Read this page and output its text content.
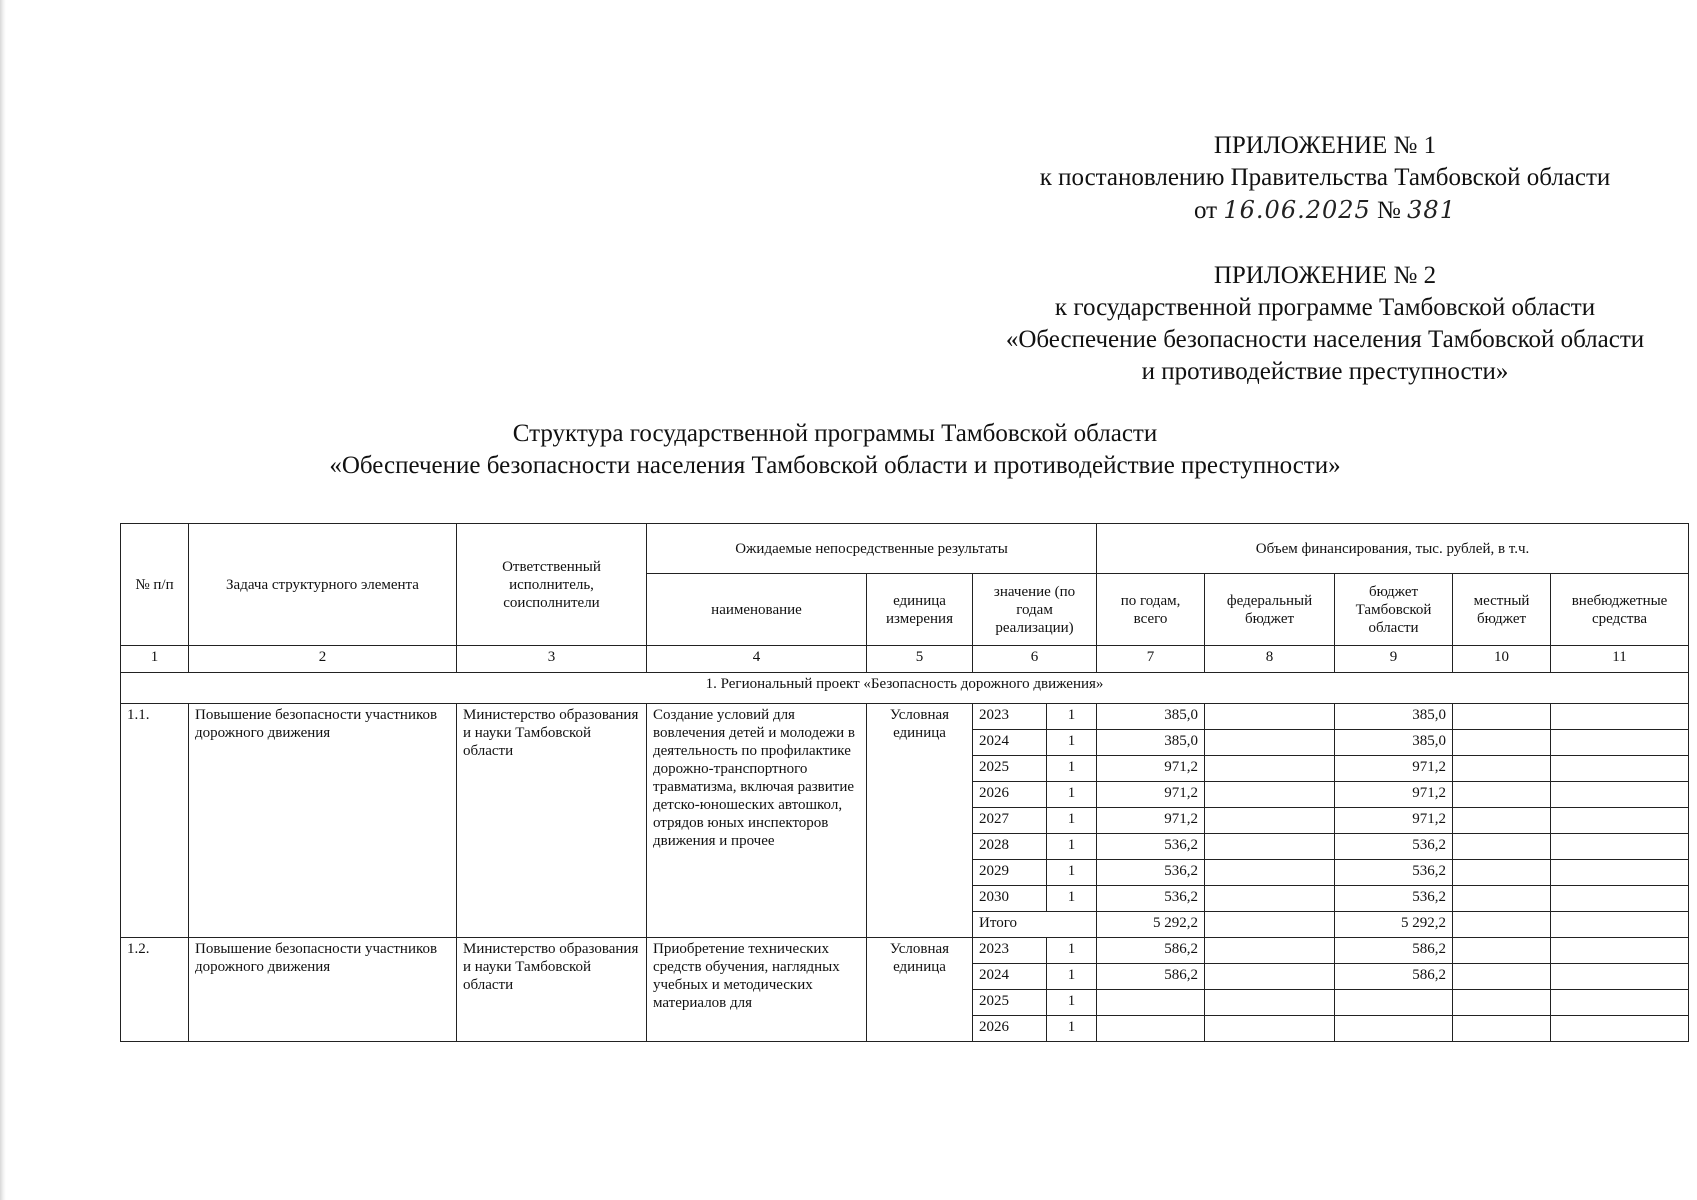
ПРИЛОЖЕНИЕ № 1
к постановлению Правительства Тамбовской области
от 16.06.2025 № 381
ПРИЛОЖЕНИЕ № 2
к государственной программе Тамбовской области
«Обеспечение безопасности населения Тамбовской области
и противодействие преступности»
Структура государственной программы Тамбовской области
«Обеспечение безопасности населения Тамбовской области и противодействие преступности»
№ п/п	Задача структурного элемента	Ответственный исполнитель, соисполнители	Ожидаемые непосредственные результаты				Объем финансирования, тыс. рублей, в т.ч.				
			наименование	единица измерения	значение (по годам реализации)		по годам, всего	федеральный бюджет	бюджет Тамбовской области	местный бюджет	внебюджетные средства
1	2	3	4	5	6		7	8	9	10	11
1. Региональный проект «Безопасность дорожного движения»											
1.1.	Повышение безопасности участников дорожного движения	Министерство образования и науки Тамбовской области	Создание условий для вовлечения детей и молодежи в деятельность по профилактике дорожно-транспортного травматизма, включая развитие детско-юношеских автошкол, отрядов юных инспекторов движения и прочее	Условная единица	2023	1	385,0		385,0		
					2024	1	385,0		385,0		
					2025	1	971,2		971,2		
					2026	1	971,2		971,2		
					2027	1	971,2		971,2		
					2028	1	536,2		536,2		
					2029	1	536,2		536,2		
					2030	1	536,2		536,2		
					Итого		5 292,2		5 292,2		
1.2.	Повышение безопасности участников дорожного движения	Министерство образования и науки Тамбовской области	Приобретение технических средств обучения, наглядных учебных и методических материалов для	Условная единица	2023	1	586,2		586,2		
					2024	1	586,2		586,2		
					2025	1					
					2026	1					
